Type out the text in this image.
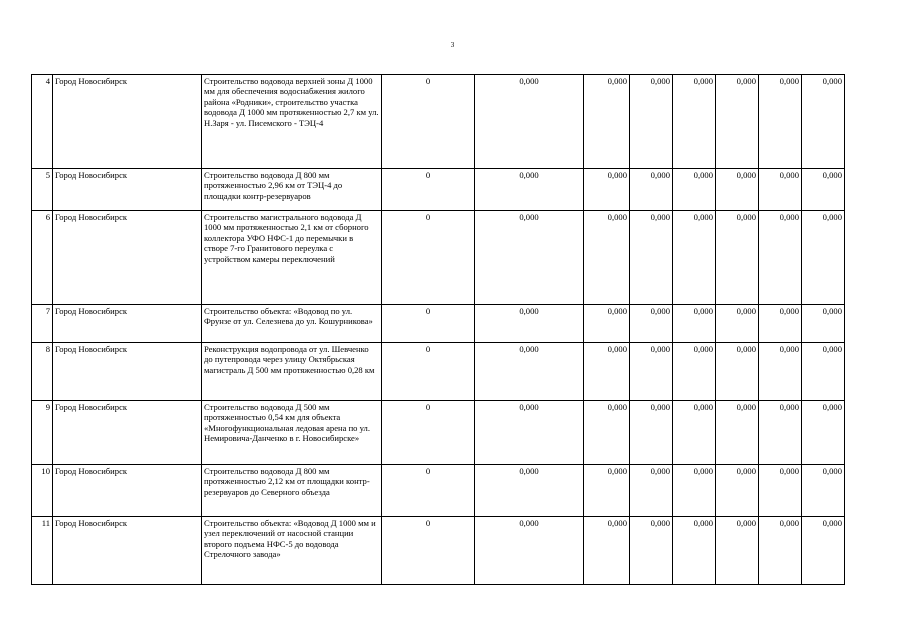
3
4	Город Новосибирск	Строительство водовода верхней зоны Д 1000 мм для обеспечения водоснабжения жилого района «Родники», строительство участка водовода Д 1000 мм протяженностью 2,7 км ул. Н.Заря - ул. Писемского - ТЭЦ-4	0	0,000	0,000	0,000	0,000	0,000	0,000	0,000
5	Город Новосибирск	Строительство водовода Д 800 мм протяженностью 2,96 км от ТЭЦ-4 до площадки контр-резервуаров	0	0,000	0,000	0,000	0,000	0,000	0,000	0,000
6	Город Новосибирск	Строительство магистрального водовода Д 1000 мм протяженностью 2,1 км от сборного коллектора УФО НФС-1 до перемычки в створе 7-го Гранитового переулка с устройством камеры переключений	0	0,000	0,000	0,000	0,000	0,000	0,000	0,000
7	Город Новосибирск	Строительство объекта: «Водовод по ул. Фрунзе от ул. Селезнева до ул. Кошурникова»	0	0,000	0,000	0,000	0,000	0,000	0,000	0,000
8	Город Новосибирск	Реконструкция водопровода от ул. Шевченко до путепровода через улицу Октябрьская магистраль Д 500 мм протяженностью 0,28 км	0	0,000	0,000	0,000	0,000	0,000	0,000	0,000
9	Город Новосибирск	Строительство водовода Д 500 мм протяженностью 0,54 км для объекта «Многофункциональная ледовая арена по ул. Немировича-Данченко в г. Новосибирске»	0	0,000	0,000	0,000	0,000	0,000	0,000	0,000
10	Город Новосибирск	Строительство водовода Д 800 мм протяженностью 2,12 км от площадки контр-резервуаров до Северного объезда	0	0,000	0,000	0,000	0,000	0,000	0,000	0,000
11	Город Новосибирск	Строительство объекта: «Водовод Д 1000 мм и узел переключений от насосной станции второго подъема НФС-5 до водовода Стрелочного завода»	0	0,000	0,000	0,000	0,000	0,000	0,000	0,000
